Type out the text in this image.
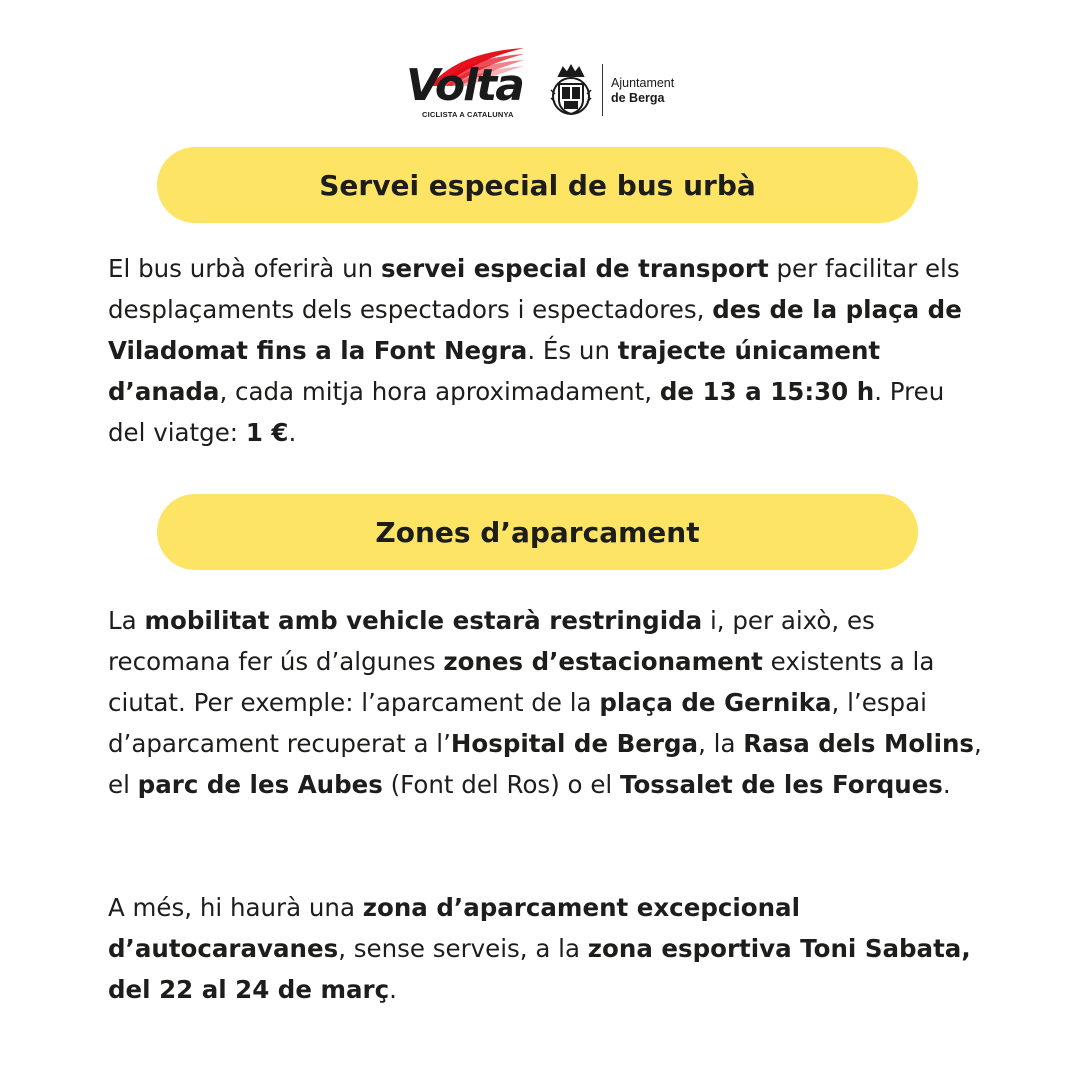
Volta
CICLISTA A CATALUNYA
Ajuntament
de Berga
Servei especial de bus urbà

El bus urbà oferirà un servei especial de transport per facilitar els desplaçaments dels espectadors i espectadores, des de la plaça de Viladomat fins a la Font Negra. És un trajecte únicament d’anada, cada mitja hora aproximadament, de 13 a 15:30 h. Preu del viatge: 1 €.

Zones d’aparcament

La mobilitat amb vehicle estarà restringida i, per això, es recomana fer ús d’algunes zones d’estacionament existents a la ciutat. Per exemple: l’aparcament de la plaça de Gernika, l’espai d’aparcament recuperat a l’Hospital de Berga, la Rasa dels Molins, el parc de les Aubes (Font del Ros) o el Tossalet de les Forques.

A més, hi haurà una zona d’aparcament excepcional d’autocaravanes, sense serveis, a la zona esportiva Toni Sabata, del 22 al 24 de març.
